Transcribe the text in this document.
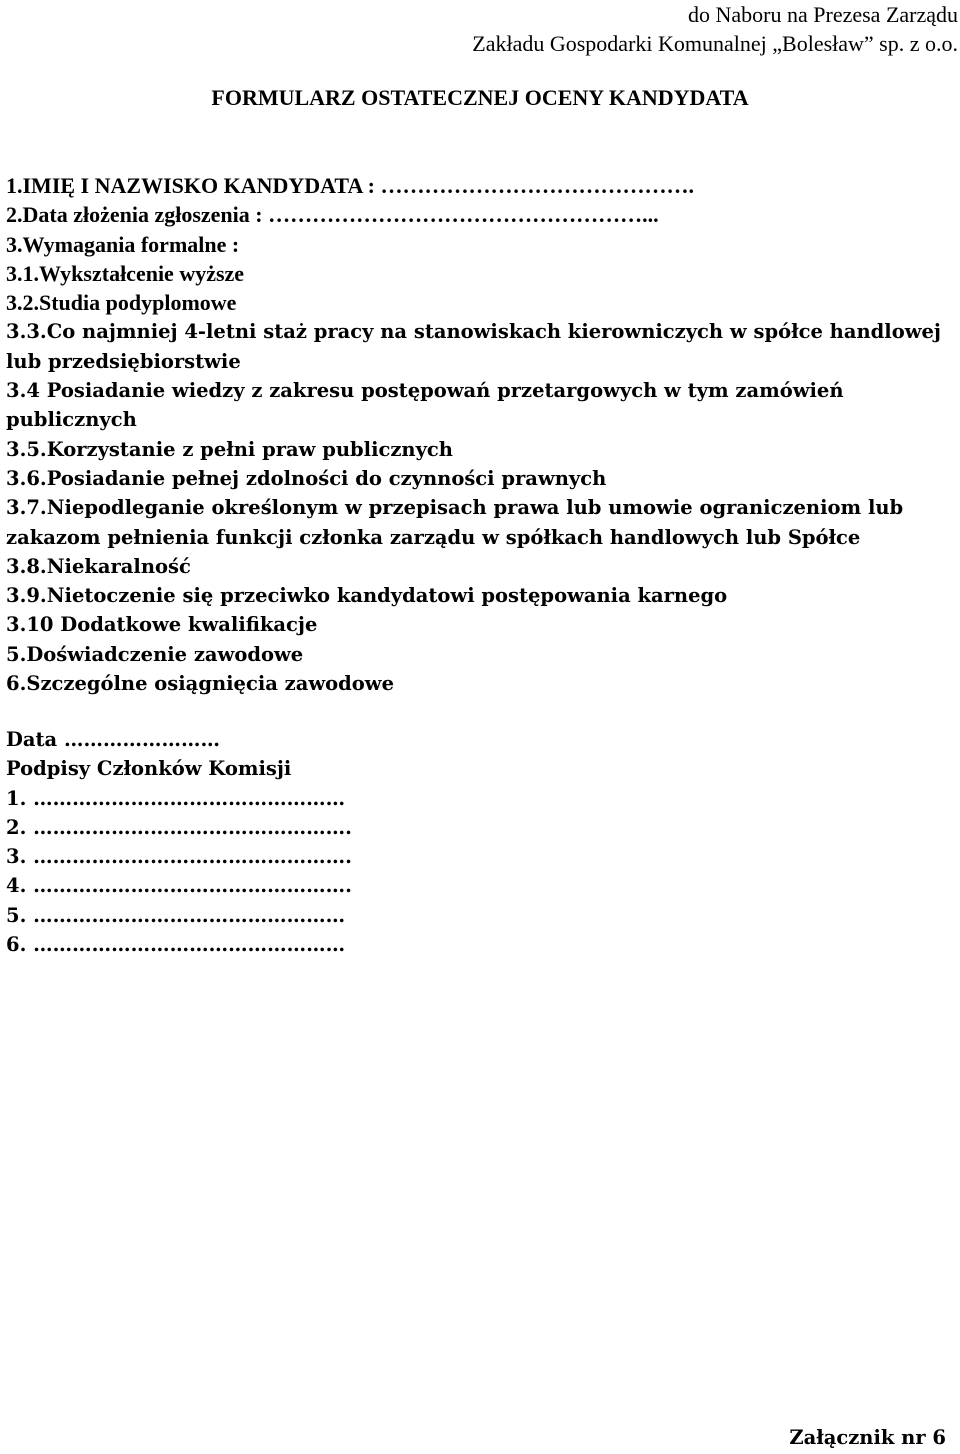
do Naboru na Prezesa Zarządu
Zakładu Gospodarki Komunalnej „Bolesław” sp. z o.o.
FORMULARZ OSTATECZNEJ OCENY KANDYDATA
1.IMIĘ I NAZWISKO KANDYDATA : …………………………………….
2.Data złożenia zgłoszenia : ……………………………………………...
3.Wymagania formalne :
3.1.Wykształcenie wyższe
3.2.Studia podyplomowe
3.3.Co najmniej 4-letni staż pracy na stanowiskach kierowniczych w spółce handlowej lub przedsiębiorstwie
3.4 Posiadanie wiedzy z zakresu postępowań przetargowych w tym zamówień publicznych
3.5.Korzystanie z pełni praw publicznych
3.6.Posiadanie pełnej zdolności do czynności prawnych
3.7.Niepodleganie określonym w przepisach prawa lub umowie ograniczeniom lub zakazom pełnienia funkcji członka zarządu w spółkach handlowych lub Spółce
3.8.Niekaralność
3.9.Nietoczenie się przeciwko kandydatowi postępowania karnego
3.10 Dodatkowe kwalifikacje
5.Doświadczenie zawodowe
6.Szczególne osiągnięcia zawodowe
Data ……………………
Podpisy Członków Komisji
1. …………………………………………
2. ………………………………………….
3. ………………………………………….
4. ………………………………………….
5. …………………………………………
6. …………………………………………
Załącznik nr 6
